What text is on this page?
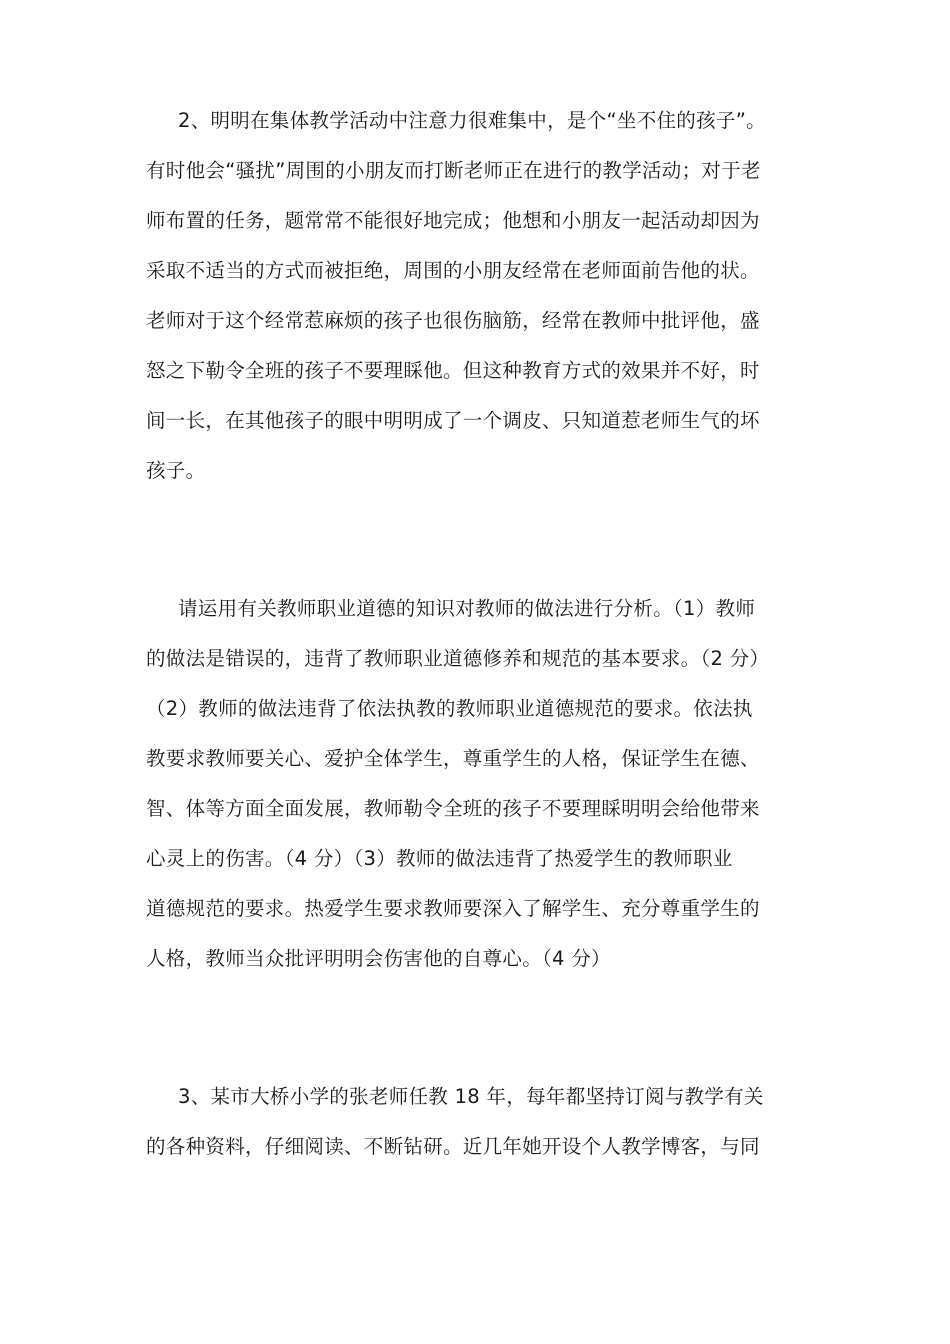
2、明明在集体教学活动中注意力很难集中，是个“坐不住的孩子”。
有时他会“骚扰”周围的小朋友而打断老师正在进行的教学活动；对于老
师布置的任务，题常常不能很好地完成；他想和小朋友一起活动却因为
采取不适当的方式而被拒绝，周围的小朋友经常在老师面前告他的状。
老师对于这个经常惹麻烦的孩子也很伤脑筋，经常在教师中批评他，盛
怒之下勒令全班的孩子不要理睬他。但这种教育方式的效果并不好，时
间一长，在其他孩子的眼中明明成了一个调皮、只知道惹老师生气的坏
孩子。
请运用有关教师职业道德的知识对教师的做法进行分析。（1）教师
的做法是错误的，违背了教师职业道德修养和规范的基本要求。（2 分）
（2）教师的做法违背了依法执教的教师职业道德规范的要求。依法执
教要求教师要关心、爱护全体学生，尊重学生的人格，保证学生在德、
智、体等方面全面发展，教师勒令全班的孩子不要理睬明明会给他带来
心灵上的伤害。（4 分）（3）教师的做法违背了热爱学生的教师职业
道德规范的要求。热爱学生要求教师要深入了解学生、充分尊重学生的
人格，教师当众批评明明会伤害他的自尊心。（4 分）
3、某市大桥小学的张老师任教 18 年，每年都坚持订阅与教学有关
的各种资料，仔细阅读、不断钻研。近几年她开设个人教学博客，与同
